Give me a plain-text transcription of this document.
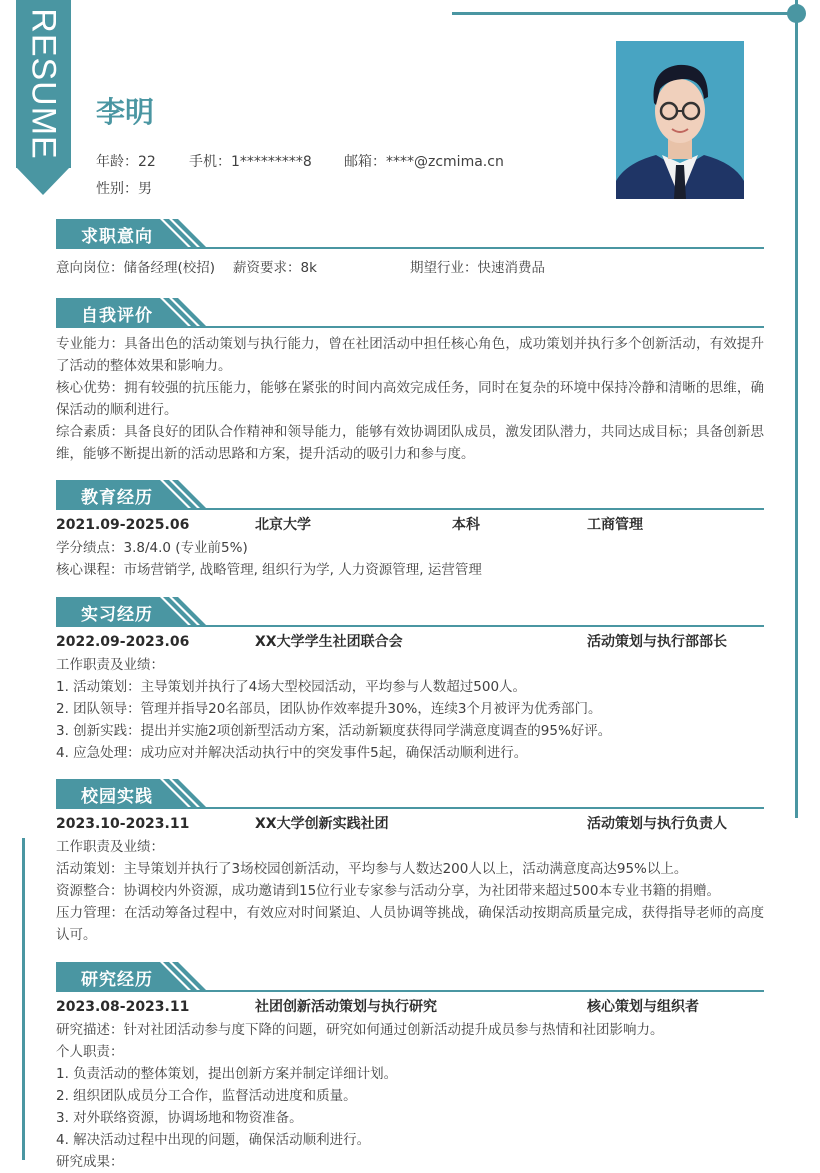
RESUME 李明
年龄：22 手机：1*********8 邮箱：****@zcmima.cn
性别：男
求职意向
意向岗位：储备经理(校招) 薪资要求：8k	期望行业：快速消费品
自我评价

专业能力：具备出色的活动策划与执行能力，曾在社团活动中担任核心角色，成功策划并执行多个创新活动，有效提升了活动的整体效果和影响力。

核心优势：拥有较强的抗压能力，能够在紧张的时间内高效完成任务，同时在复杂的环境中保持冷静和清晰的思维，确保活动的顺利进行。

综合素质：具备良好的团队合作精神和领导能力，能够有效协调团队成员，激发团队潜力，共同达成目标；具备创新思维，能够不断提出新的活动思路和方案，提升活动的吸引力和参与度。

教育经历
2021.09-2025.06	北京大学	本科	工商管理
学分绩点：3.8/4.0 (专业前5%)
核心课程：市场营销学, 战略管理, 组织行为学, 人力资源管理, 运营管理
实习经历
2022.09-2023.06	XX大学学生社团联合会	活动策划与执行部部长
工作职责及业绩：
1. 活动策划：主导策划并执行了4场大型校园活动，平均参与人数超过500人。
2. 团队领导：管理并指导20名部员，团队协作效率提升30%，连续3个月被评为优秀部门。
3. 创新实践：提出并实施2项创新型活动方案，活动新颖度获得同学满意度调查的95%好评。
4. 应急处理：成功应对并解决活动执行中的突发事件5起，确保活动顺利进行。
校园实践
2023.10-2023.11	XX大学创新实践社团	活动策划与执行负责人
工作职责及业绩：
活动策划：主导策划并执行了3场校园创新活动，平均参与人数达200人以上，活动满意度高达95%以上。
资源整合：协调校内外资源，成功邀请到15位行业专家参与活动分享，为社团带来超过500本专业书籍的捐赠。

压力管理：在活动筹备过程中，有效应对时间紧迫、人员协调等挑战，确保活动按期高质量完成，获得指导老师的高度认可。

研究经历
2023.08-2023.11	社团创新活动策划与执行研究	核心策划与组织者
研究描述：针对社团活动参与度下降的问题，研究如何通过创新活动提升成员参与热情和社团影响力。
个人职责：
1. 负责活动的整体策划，提出创新方案并制定详细计划。
2. 组织团队成员分工合作，监督活动进度和质量。
3. 对外联络资源，协调场地和物资准备。
4. 解决活动过程中出现的问题，确保活动顺利进行。
研究成果：
